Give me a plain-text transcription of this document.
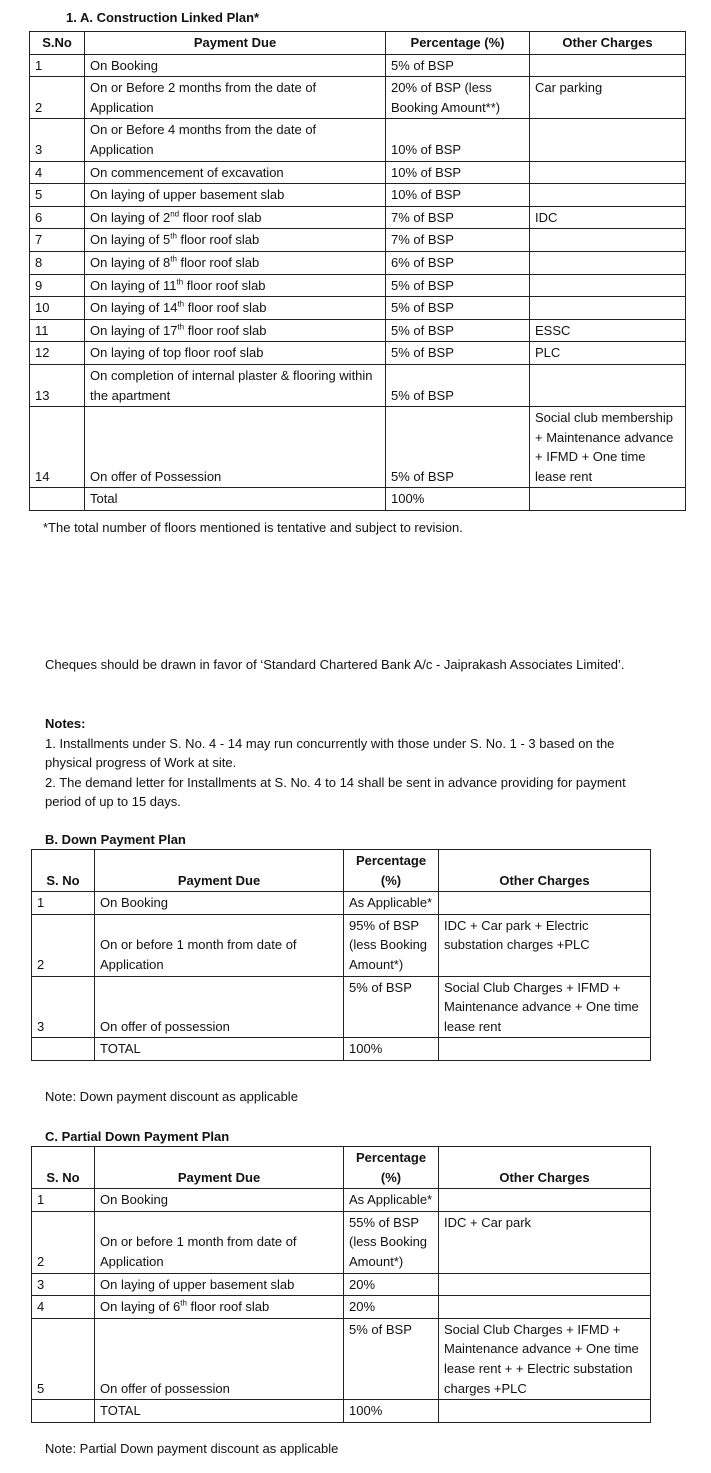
1. A. Construction Linked Plan*
S.No	Payment Due	Percentage (%)	Other Charges
1	On Booking	5% of BSP	
2	On or Before 2 months from the date of Application	20% of BSP (less Booking Amount**)	Car parking
3	On or Before 4 months from the date of Application	10% of BSP	
4	On commencement of excavation	10% of BSP	
5	On laying of upper basement slab	10% of BSP	
6	On laying of 2nd floor roof slab	7% of BSP	IDC
7	On laying of 5th floor roof slab	7% of BSP	
8	On laying of 8th floor roof slab	6% of BSP	
9	On laying of 11th floor roof slab	5% of BSP	
10	On laying of 14th floor roof slab	5% of BSP	
11	On laying of 17th floor roof slab	5% of BSP	ESSC
12	On laying of top floor roof slab	5% of BSP	PLC
13	On completion of internal plaster & flooring within the apartment	5% of BSP	
14	On offer of Possession	5% of BSP	Social club membership + Maintenance advance + IFMD + One time lease rent
	Total	100%	
*The total number of floors mentioned is tentative and subject to revision.
Cheques should be drawn in favor of ‘Standard Chartered Bank A/c - Jaiprakash Associates Limited’.

Notes:

1. Installments under S. No. 4 - 14 may run concurrently with those under S. No. 1 - 3 based on the physical progress of Work at site.

2. The demand letter for Installments at S. No. 4 to 14 shall be sent in advance providing for payment period of up to 15 days.

B. Down Payment Plan
S. No	Payment Due	Percentage (%)	Other Charges
1	On Booking	As Applicable*	
2	On or before 1 month from date of Application	95% of BSP (less Booking Amount*)	IDC + Car park + Electric substation charges +PLC
3	On offer of possession	5% of BSP	Social Club Charges + IFMD + Maintenance advance + One time lease rent
	TOTAL	100%	
Note: Down payment discount as applicable
C. Partial Down Payment Plan
S. No	Payment Due	Percentage (%)	Other Charges
1	On Booking	As Applicable*	
2	On or before 1 month from date of Application	55% of BSP (less Booking Amount*)	IDC + Car park
3	On laying of upper basement slab	20%	
4	On laying of 6th floor roof slab	20%	
5	On offer of possession	5% of BSP	Social Club Charges + IFMD + Maintenance advance + One time lease rent + + Electric substation charges +PLC
	TOTAL	100%	
Note: Partial Down payment discount as applicable
